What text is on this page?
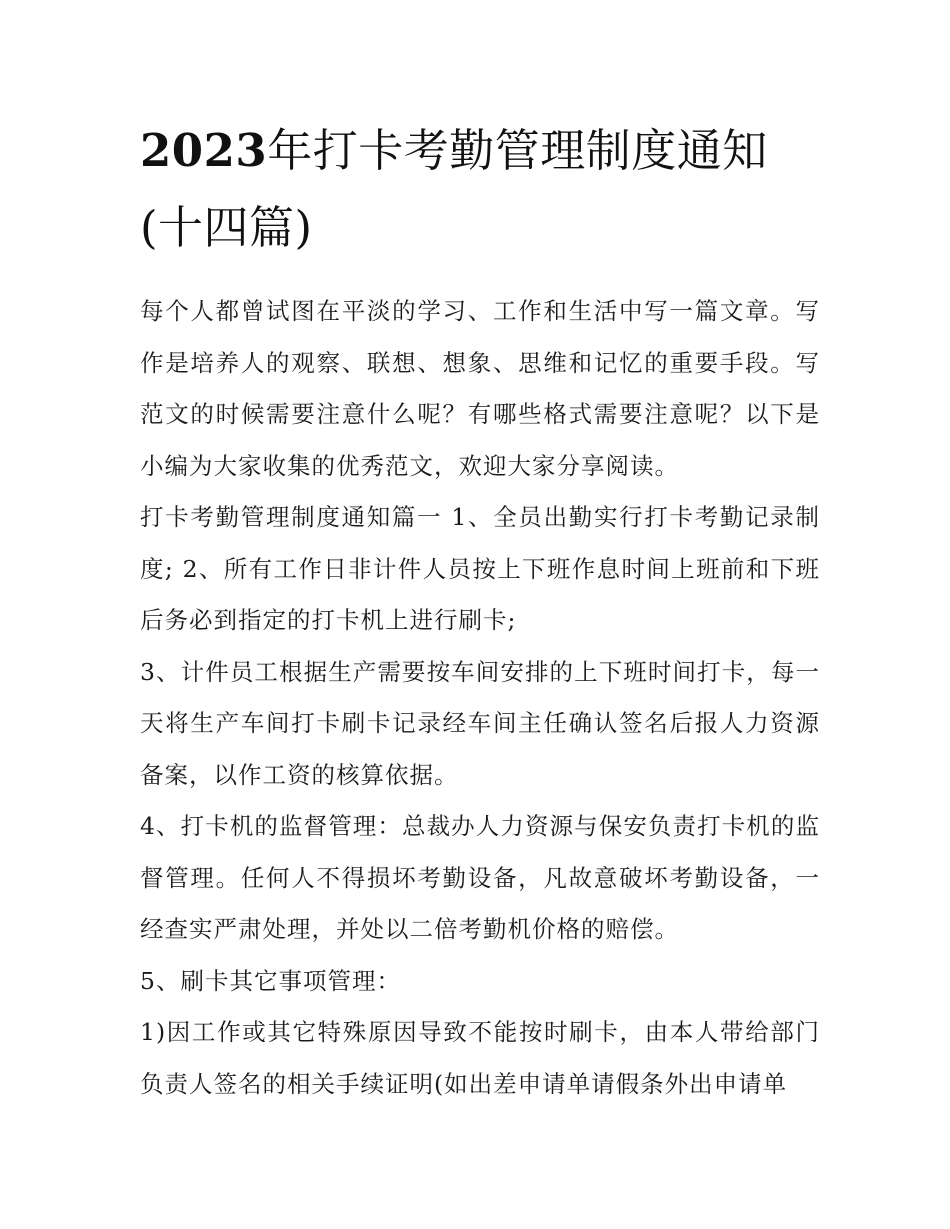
2023年打卡考勤管理制度通知(十四篇)

每个人都曾试图在平淡的学习、工作和生活中写一篇文章。写作是培养人的观察、联想、想象、思维和记忆的重要手段。写范文的时候需要注意什么呢？有哪些格式需要注意呢？以下是小编为大家收集的优秀范文，欢迎大家分享阅读。

打卡考勤管理制度通知篇一 1、全员出勤实行打卡考勤记录制度; 2、所有工作日非计件人员按上下班作息时间上班前和下班后务必到指定的打卡机上进行刷卡;

3、计件员工根据生产需要按车间安排的上下班时间打卡，每一天将生产车间打卡刷卡记录经车间主任确认签名后报人力资源备案，以作工资的核算依据。

4、打卡机的监督管理：总裁办人力资源与保安负责打卡机的监督管理。任何人不得损坏考勤设备，凡故意破坏考勤设备，一经查实严肃处理，并处以二倍考勤机价格的赔偿。

5、刷卡其它事项管理：

1)因工作或其它特殊原因导致不能按时刷卡，由本人带给部门负责人签名的相关手续证明(如出差申请单请假条外出申请单
